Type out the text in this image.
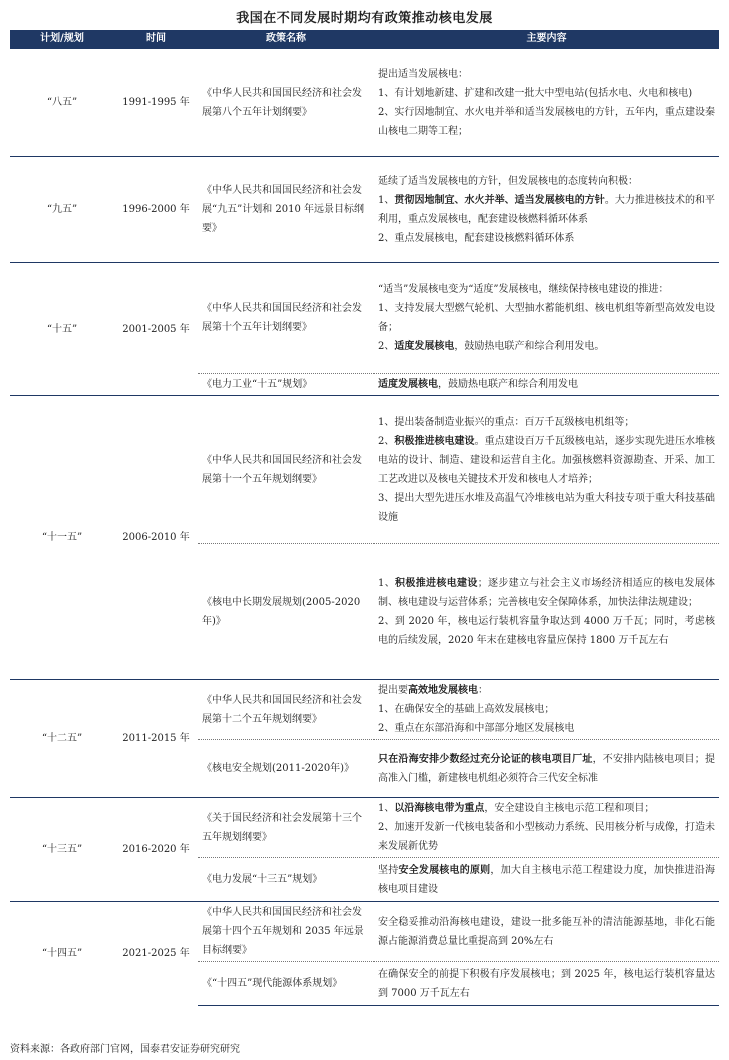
我国在不同发展时期均有政策推动核电发展
计划/规划	时间	政策名称	主要内容
“八五”	1991-1995 年	《中华人民共和国国民经济和社会发展第八个五年计划纲要》	提出适当发展核电：
1、有计划地新建、扩建和改建一批大中型电站(包括水电、火电和核电)
2、实行因地制宜、水火电并举和适当发展核电的方针，五年内，重点建设秦山核电二期等工程；

“九五”	1996-2000 年	《中华人民共和国国民经济和社会发展“九五”计划和 2010 年远景目标纲要》	延续了适当发展核电的方针，但发展核电的态度转向积极：
1、贯彻因地制宜、水火并举、适当发展核电的方针。大力推进核技术的和平利用，重点发展核电，配套建设核燃料循环体系
2、重点发展核电，配套建设核燃料循环体系

“十五”	2001-2005 年	《中华人民共和国国民经济和社会发展第十个五年计划纲要》	“适当”发展核电变为“适度”发展核电，继续保持核电建设的推进：
1、支持发展大型燃气轮机、大型抽水蓄能机组、核电机组等新型高效发电设备；
2、适度发展核电，鼓励热电联产和综合利用发电。

		《电力工业“十五”规划》	适度发展核电，鼓励热电联产和综合利用发电

“十一五”	2006-2010 年	《中华人民共和国国民经济和社会发展第十一个五年规划纲要》	1、提出装备制造业振兴的重点：百万千瓦级核电机组等；
2、积极推进核电建设。重点建设百万千瓦级核电站，逐步实现先进压水堆核电站的设计、制造、建设和运营自主化。加强核燃料资源勘查、开采、加工工艺改进以及核电关键技术开发和核电人才培养；
3、提出大型先进压水堆及高温气冷堆核电站为重大科技专项于重大科技基础设施

		《核电中长期发展规划(2005-2020年)》	1、积极推进核电建设；逐步建立与社会主义市场经济相适应的核电发展体制、核电建设与运营体系；完善核电安全保障体系，加快法律法规建设；
2、到 2020 年，核电运行装机容量争取达到 4000 万千瓦；同时，考虑核电的后续发展，2020 年末在建核电容量应保持 1800 万千瓦左右

“十二五”	2011-2015 年	《中华人民共和国国民经济和社会发展第十二个五年规划纲要》	提出要高效地发展核电：
1、在确保安全的基础上高效发展核电；
2、重点在东部沿海和中部部分地区发展核电

		《核电安全规划(2011-2020年)》	只在沿海安排少数经过充分论证的核电项目厂址，不安排内陆核电项目；提高准入门槛，新建核电机组必须符合三代安全标准

“十三五”	2016-2020 年	《关于国民经济和社会发展第十三个五年规划纲要》	1、以沿海核电带为重点，安全建设自主核电示范工程和项目；
2、加速开发新一代核电装备和小型核动力系统、民用核分析与成像，打造未来发展新优势

		《电力发展“十三五”规划》	坚持安全发展核电的原则，加大自主核电示范工程建设力度，加快推进沿海核电项目建设

“十四五”	2021-2025 年	《中华人民共和国国民经济和社会发展第十四个五年规划和 2035 年远景目标纲要》	安全稳妥推动沿海核电建设，建设一批多能互补的清洁能源基地，非化石能源占能源消费总量比重提高到 20%左右

		《“十四五”现代能源体系规划》	在确保安全的前提下积极有序发展核电；到 2025 年，核电运行装机容量达到 7000 万千瓦左右
资料来源：各政府部门官网，国泰君安证券研究研究
